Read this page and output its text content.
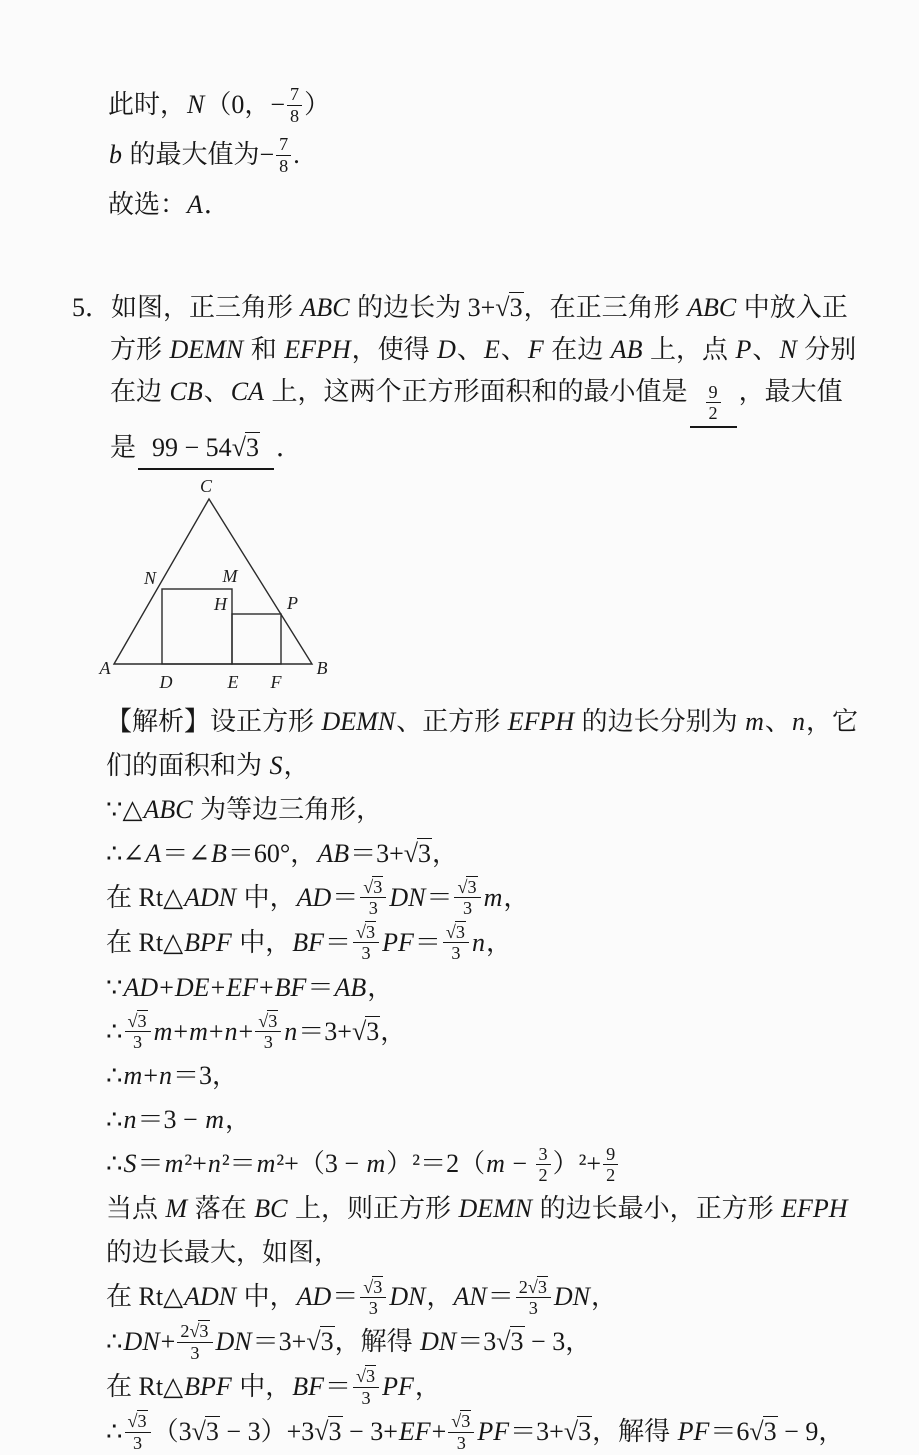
此时，N（0，− $\frac{7}{8}$ ）
b 的最大值为− $\frac{7}{8}$ .
故选：A．
5．如图，正三角形 ABC 的边长为 3+√3，在正三角形 ABC 中放入正
方形 DEMN 和 EFPH，使得 D、E、F 在边 AB 上，点 P、N 分别
在边 CB、CA 上，这两个正方形面积和的最小值是 $\frac{9}{2}$ ，最大值
是99 − 54 √3 ．
C
N	M
H	P
A
D	E F
B
【解析】设正方形 DEMN、正方形 EFPH 的边长分别为 m、n，它
们的面积和为 S，
∵△ABC 为等边三角形，
∴∠A＝∠B＝60°，AB＝3+√3，
在 Rt△ADN 中，$AD= \frac{√3}{3} DN= \frac{√3}{3}$ m，
在 Rt△BPF 中，$BF= \frac{√3}{3} PF= \frac{√3}{3}$ n，
∵AD+DE+EF+BF＝AB，
∴ $\frac{√3}{3} m+m+n+ \frac{√3}{3} n=3+√3$，
∴m+n＝3，
∴n＝3 − m，
∴S＝m²+n²＝m²+（3 − $m)^2=2(m - \frac{3}{2} )^2+ \frac{9}{2}$
当点 M 落在 BC 上，则正方形 DEMN 的边长最小，正方形 EFPH
的边长最大，如图，
在 Rt△ADN 中，$AD= \frac{√3}{3}$ DN，$AN= \frac{2√3}{3}$ DN，
∴DN+ $\frac{2√3}{3} DN=3+√3$，解得 DN＝3√3 − 3，
在 Rt△BPF 中，$BF= \frac{√3}{3}$ PF，
∴ $\frac{√3}{3} (3√3 - 3)+3√3 - 3+EF+ \frac{√3}{3} PF=3+√3$，解得 PF＝6√3 − 9，
